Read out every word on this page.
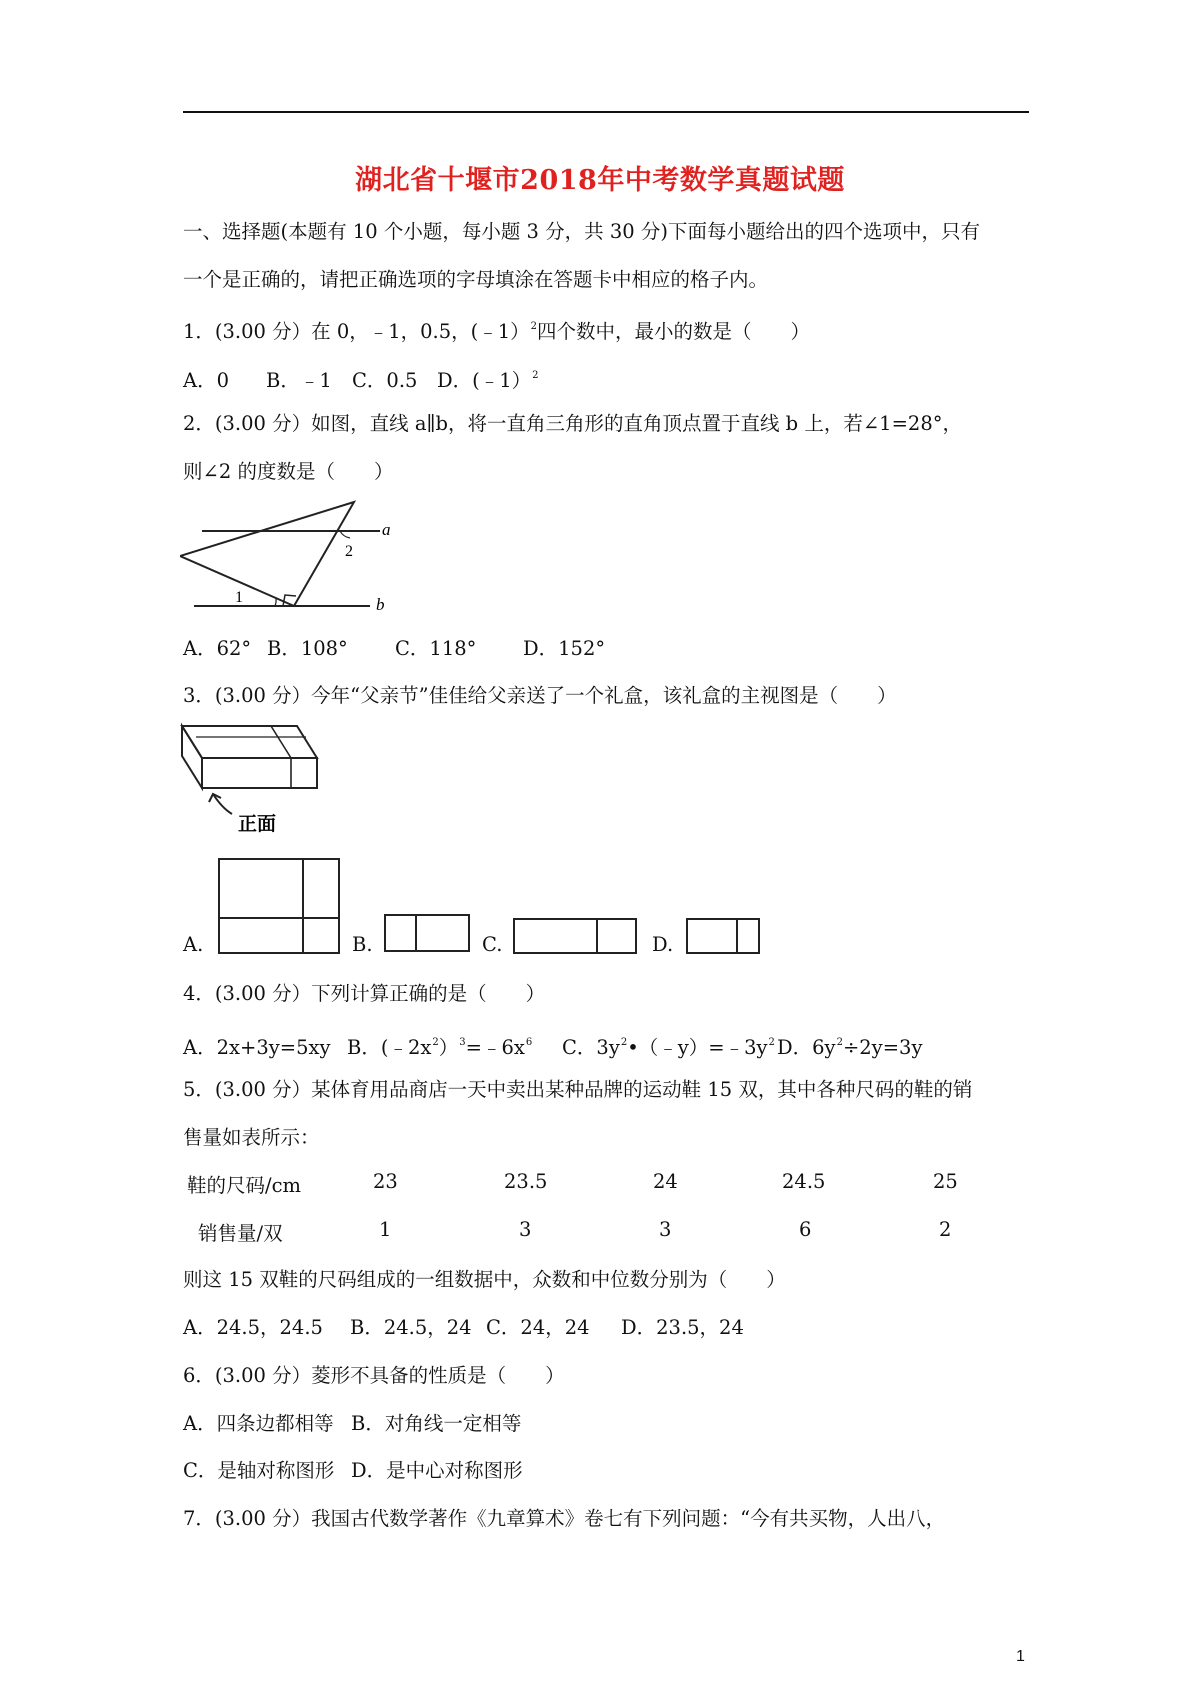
湖北省十堰市2018年中考数学真题试题
一、选择题(本题有 10 个小题，每小题 3 分，共 30 分)下面每小题给出的四个选项中，只有
一个是正确的，请把正确选项的字母填涂在答题卡中相应的格子内。
1．(3.00 分）在 0，﹣1，0.5，(﹣1）$^2$四个数中，最小的数是（　　）
A．0 B．﹣1 C．0.5 D．(﹣1）$^2$
2．(3.00 分）如图，直线 a∥b，将一直角三角形的直角顶点置于直线 b 上，若∠1=28°，
则∠2 的度数是（　　）
a
b
1
2
A．62° B．108° C．118° D．152°
3．(3.00 分）今年“父亲节”佳佳给父亲送了一个礼盒，该礼盒的主视图是（　　）
正面
A.	B.	C.	D.
4．(3.00 分）下列计算正确的是（　　）
A．2x+3y=5xy B．$(﹣2x^2)^3=﹣6x^6$ C．$3y^2•(﹣y)=﹣3y^2$ D．$6y^2\div 2y=3y$
5．(3.00 分）某体育用品商店一天中卖出某种品牌的运动鞋 15 双，其中各种尺码的鞋的销
售量如表所示：
鞋的尺码/cm	23	23.5	24	24.5	25
销售量/双	1	3	3	6	2
则这 15 双鞋的尺码组成的一组数据中，众数和中位数分别为（　　）
A．24.5，24.5 B．24.5，24 C．24，24 D．23.5，24
6．(3.00 分）菱形不具备的性质是（　　）
A．四条边都相等 B．对角线一定相等
C．是轴对称图形 D．是中心对称图形
7．(3.00 分）我国古代数学著作《九章算术》卷七有下列问题：“今有共买物，人出八，
1
